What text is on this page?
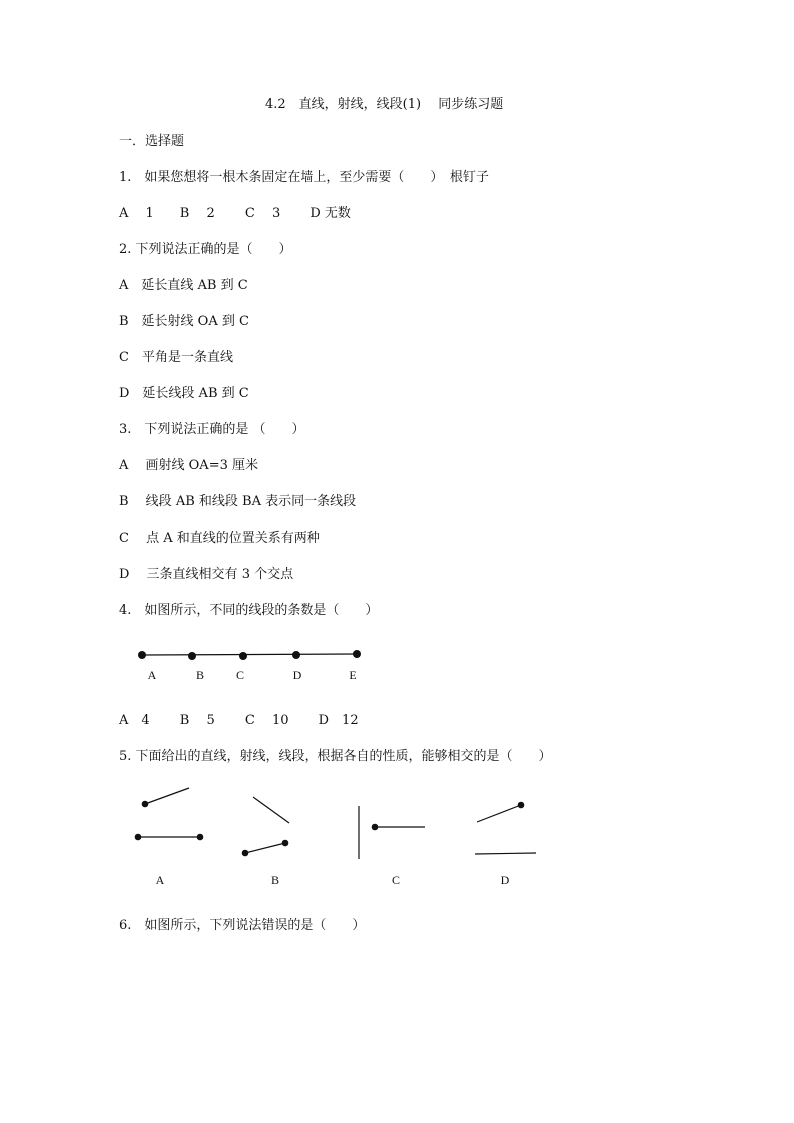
4.2　直线，射线，线段(1)　 同步练习题
一．选择题
1.　如果您想将一根木条固定在墙上，至少需要（　　）　根钉子
A　 1　　B　 2　　 C　 3　　 D 无数
2. 下列说法正确的是（　　）
A　延长直线 AB 到 C
B　延长射线 OA 到 C
C　平角是一条直线
D　延长线段 AB 到 C
3.　下列说法正确的是 （　　）
A　 画射线 OA=3 厘米
B　 线段 AB 和线段 BA 表示同一条线段
C　 点 A 和直线的位置关系有两种
D　 三条直线相交有 3 个交点
4.　如图所示，不同的线段的条数是（　　）
A	B	C	D	E
A　4　　 B　 5　　 C　 10　　 D　12
5. 下面给出的直线，射线，线段，根据各自的性质，能够相交的是（　　）
A	B	C	D
6.　如图所示，下列说法错误的是（　　）
